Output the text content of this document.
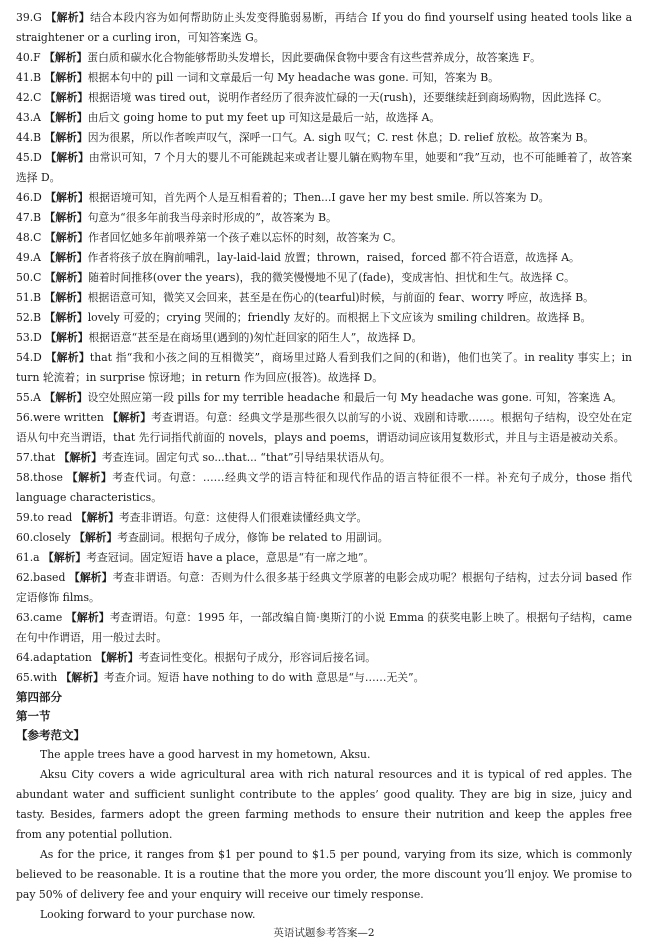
39.G 【解析】结合本段内容为如何帮助防止头发变得脆弱易断，再结合 If you do find yourself using heated tools like a straightener or a curling iron，可知答案选 G。

40.F 【解析】蛋白质和碳水化合物能够帮助头发增长，因此要确保食物中要含有这些营养成分，故答案选 F。

41.B 【解析】根据本句中的 pill 一词和文章最后一句 My headache was gone. 可知，答案为 B。

42.C 【解析】根据语境 was tired out，说明作者经历了很奔波忙碌的一天(rush)，还要继续赶到商场购物，因此选择 C。

43.A 【解析】由后文 going home to put my feet up 可知这是最后一站，故选择 A。

44.B 【解析】因为很累，所以作者唉声叹气，深呼一口气。A. sigh 叹气；C. rest 休息；D. relief 放松。故答案为 B。

45.D 【解析】由常识可知，7 个月大的婴儿不可能跳起来或者让婴儿躺在购物车里，她要和“我”互动，也不可能睡着了，故答案选择 D。

46.D 【解析】根据语境可知，首先两个人是互相看着的；Then...I gave her my best smile. 所以答案为 D。

47.B 【解析】句意为“很多年前我当母亲时形成的”，故答案为 B。

48.C 【解析】作者回忆她多年前喂养第一个孩子难以忘怀的时刻，故答案为 C。

49.A 【解析】作者将孩子放在胸前哺乳，lay-laid-laid 放置；thrown，raised，forced 都不符合语意，故选择 A。

50.C 【解析】随着时间推移(over the years)，我的微笑慢慢地不见了(fade)，变成害怕、担忧和生气。故选择 C。

51.B 【解析】根据语意可知，微笑又会回来，甚至是在伤心的(tearful)时候，与前面的 fear、worry 呼应，故选择 B。

52.B 【解析】lovely 可爱的；crying 哭闹的；friendly 友好的。而根据上下文应该为 smiling children。故选择 B。

53.D 【解析】根据语意“甚至是在商场里(遇到的)匆忙赶回家的陌生人”，故选择 D。

54.D 【解析】that 指“我和小孩之间的互相微笑”，商场里过路人看到我们之间的(和谐)，他们也笑了。in reality 事实上；in turn 轮流着；in surprise 惊讶地；in return 作为回应(报答)。故选择 D。

55.A 【解析】设空处照应第一段 pills for my terrible headache 和最后一句 My headache was gone. 可知，答案选 A。

56.were written 【解析】考查谓语。句意：经典文学是那些很久以前写的小说、戏剧和诗歌……。根据句子结构，设空处在定语从句中充当谓语，that 先行词指代前面的 novels，plays and poems，谓语动词应该用复数形式，并且与主语是被动关系。

57.that 【解析】考查连词。固定句式 so...that... “that”引导结果状语从句。

58.those 【解析】考查代词。句意：……经典文学的语言特征和现代作品的语言特征很不一样。补充句子成分，those 指代 language characteristics。

59.to read 【解析】考查非谓语。句意：这使得人们很难读懂经典文学。

60.closely 【解析】考查副词。根据句子成分，修饰 be related to 用副词。

61.a 【解析】考查冠词。固定短语 have a place，意思是“有一席之地”。

62.based 【解析】考查非谓语。句意：否则为什么很多基于经典文学原著的电影会成功呢？根据句子结构，过去分词 based 作定语修饰 films。

63.came 【解析】考查谓语。句意：1995 年，一部改编自简·奥斯汀的小说 Emma 的获奖电影上映了。根据句子结构，came 在句中作谓语，用一般过去时。

64.adaptation 【解析】考查词性变化。根据句子成分，形容词后接名词。

65.with 【解析】考查介词。短语 have nothing to do with 意思是“与……无关”。

第四部分

第一节

【参考范文】

The apple trees have a good harvest in my hometown, Aksu.

Aksu City covers a wide agricultural area with rich natural resources and it is typical of red apples. The abundant water and sufficient sunlight contribute to the apples’ good quality. They are big in size, juicy and tasty. Besides, farmers adopt the green farming methods to ensure their nutrition and keep the apples free from any potential pollution.

As for the price, it ranges from $1 per pound to $1.5 per pound, varying from its size, which is commonly believed to be reasonable. It is a routine that the more you order, the more discount you’ll enjoy. We promise to pay 50% of delivery fee and your enquiry will receive our timely response.

Looking forward to your purchase now.

英语试题参考答案—2
